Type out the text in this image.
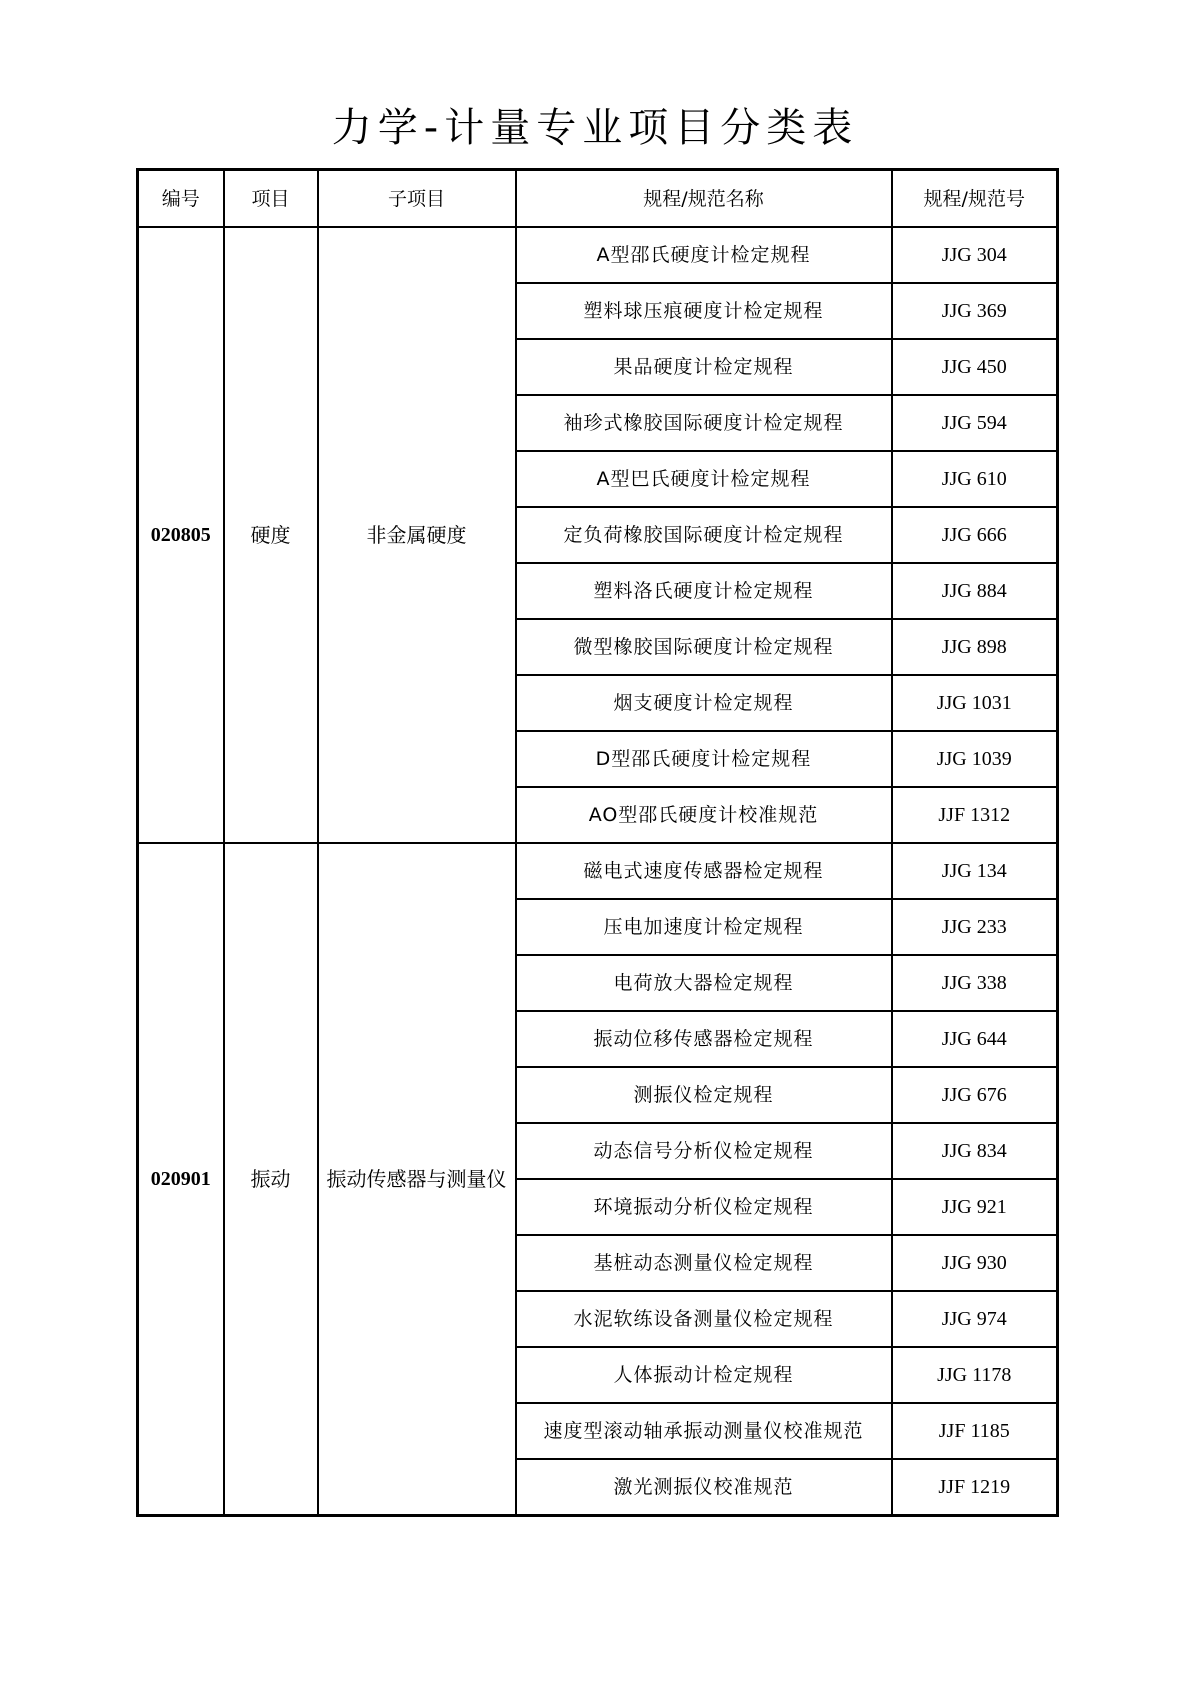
力学-计量专业项目分类表
编号	项目	子项目	规程/规范名称	规程/规范号
020805	硬度	非金属硬度	A型邵氏硬度计检定规程	JJG 304
			塑料球压痕硬度计检定规程	JJG 369
			果品硬度计检定规程	JJG 450
			袖珍式橡胶国际硬度计检定规程	JJG 594
			A型巴氏硬度计检定规程	JJG 610
			定负荷橡胶国际硬度计检定规程	JJG 666
			塑料洛氏硬度计检定规程	JJG 884
			微型橡胶国际硬度计检定规程	JJG 898
			烟支硬度计检定规程	JJG 1031
			D型邵氏硬度计检定规程	JJG 1039
			AO型邵氏硬度计校准规范	JJF 1312
020901	振动	振动传感器与测量仪	磁电式速度传感器检定规程	JJG 134
			压电加速度计检定规程	JJG 233
			电荷放大器检定规程	JJG 338
			振动位移传感器检定规程	JJG 644
			测振仪检定规程	JJG 676
			动态信号分析仪检定规程	JJG 834
			环境振动分析仪检定规程	JJG 921
			基桩动态测量仪检定规程	JJG 930
			水泥软练设备测量仪检定规程	JJG 974
			人体振动计检定规程	JJG 1178
			速度型滚动轴承振动测量仪校准规范	JJF 1185
			激光测振仪校准规范	JJF 1219
